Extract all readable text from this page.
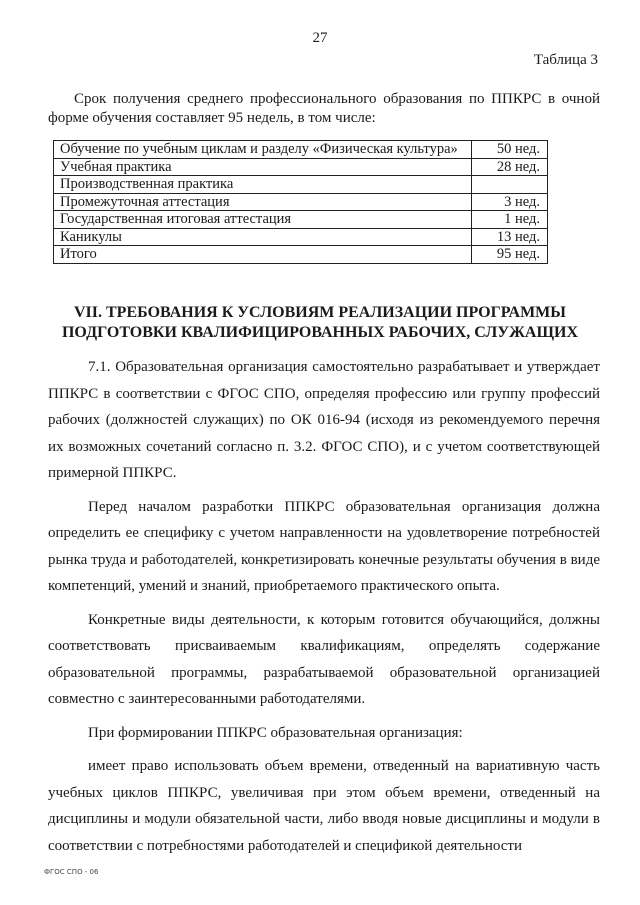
27
Таблица 3

Срок получения среднего профессионального образования по ППКРС в очной форме обучения составляет 95 недель, в том числе:

Обучение по учебным циклам и разделу «Физическая культура»	50 нед.
Учебная практика	28 нед.
Производственная практика	
Промежуточная аттестация	3 нед.
Государственная итоговая аттестация	1 нед.
Каникулы	13 нед.
Итого	95 нед.
VII. ТРЕБОВАНИЯ К УСЛОВИЯМ РЕАЛИЗАЦИИ ПРОГРАММЫ ПОДГОТОВКИ КВАЛИФИЦИРОВАННЫХ РАБОЧИХ, СЛУЖАЩИХ

7.1. Образовательная организация самостоятельно разрабатывает и утверждает ППКРС в соответствии с ФГОС СПО, определяя профессию или группу профессий рабочих (должностей служащих) по ОК 016-94 (исходя из рекомендуемого перечня их возможных сочетаний согласно п. 3.2. ФГОС СПО), и с учетом соответствующей примерной ППКРС.

Перед началом разработки ППКРС образовательная организация должна определить ее специфику с учетом направленности на удовлетворение потребностей рынка труда и работодателей, конкретизировать конечные результаты обучения в виде компетенций, умений и знаний, приобретаемого практического опыта.

Конкретные виды деятельности, к которым готовится обучающийся, должны соответствовать присваиваемым квалификациям, определять содержание образовательной программы, разрабатываемой образовательной организацией совместно с заинтересованными работодателями.

При формировании ППКРС образовательная организация:

имеет право использовать объем времени, отведенный на вариативную часть учебных циклов ППКРС, увеличивая при этом объем времени, отведенный на дисциплины и модули обязательной части, либо вводя новые дисциплины и модули в соответствии с потребностями работодателей и спецификой деятельности

ФГОС СПО - 06
